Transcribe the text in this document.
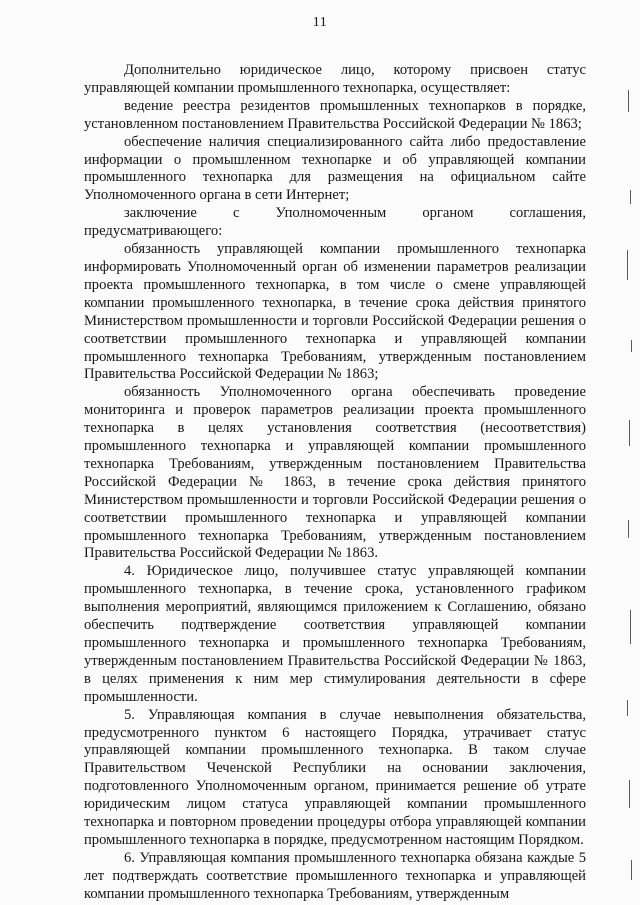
11

Дополнительно юридическое лицо, которому присвоен статус управляющей компании промышленного технопарка, осуществляет:

ведение реестра резидентов промышленных технопарков в порядке, установленном постановлением Правительства Российской Федерации № 1863;

обеспечение наличия специализированного сайта либо предоставление информации о промышленном технопарке и об управляющей компании промышленного технопарка для размещения на официальном сайте Уполномоченного органа в сети Интернет;

заключение с Уполномоченным органом соглашения, предусматривающего:

обязанность управляющей компании промышленного технопарка информировать Уполномоченный орган об изменении параметров реализации проекта промышленного технопарка, в том числе о смене управляющей компании промышленного технопарка, в течение срока действия принятого Министерством промышленности и торговли Российской Федерации решения о соответствии промышленного технопарка и управляющей компании промышленного технопарка Требованиям, утвержденным постановлением Правительства Российской Федерации № 1863;

обязанность Уполномоченного органа обеспечивать проведение мониторинга и проверок параметров реализации проекта промышленного технопарка в целях установления соответствия (несоответствия) промышленного технопарка и управляющей компании промышленного технопарка Требованиям, утвержденным постановлением Правительства Российской Федерации № 1863, в течение срока действия принятого Министерством промышленности и торговли Российской Федерации решения о соответствии промышленного технопарка и управляющей компании промышленного технопарка Требованиям, утвержденным постановлением Правительства Российской Федерации № 1863.

4. Юридическое лицо, получившее статус управляющей компании промышленного технопарка, в течение срока, установленного графиком выполнения мероприятий, являющимся приложением к Соглашению, обязано обеспечить подтверждение соответствия управляющей компании промышленного технопарка и промышленного технопарка Требованиям, утвержденным постановлением Правительства Российской Федерации № 1863, в целях применения к ним мер стимулирования деятельности в сфере промышленности.

5. Управляющая компания в случае невыполнения обязательства, предусмотренного пунктом 6 настоящего Порядка, утрачивает статус управляющей компании промышленного технопарка. В таком случае Правительством Чеченской Республики на основании заключения, подготовленного Уполномоченным органом, принимается решение об утрате юридическим лицом статуса управляющей компании промышленного технопарка и повторном проведении процедуры отбора управляющей компании промышленного технопарка в порядке, предусмотренном настоящим Порядком.

6. Управляющая компания промышленного технопарка обязана каждые 5 лет подтверждать соответствие промышленного технопарка и управляющей компании промышленного технопарка Требованиям, утвержденным
